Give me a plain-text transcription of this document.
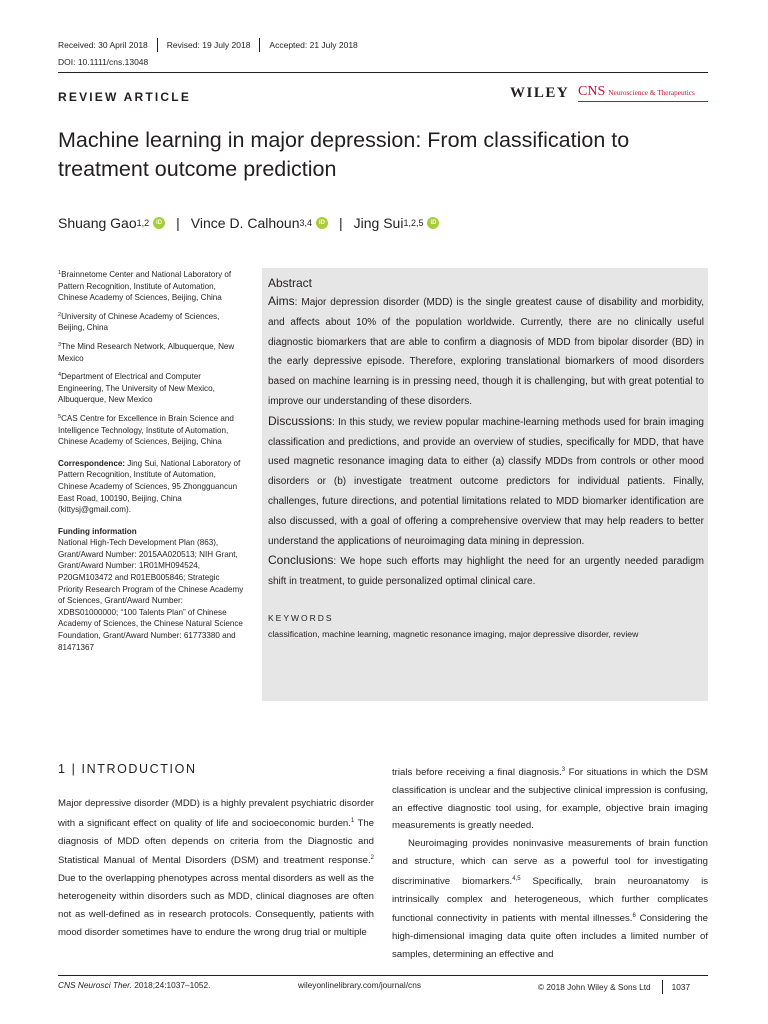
Received: 30 April 2018 Revised: 19 July 2018 Accepted: 21 July 2018
DOI: 10.1111/cns.13048
REVIEW ARTICLE	WILEY CNS Neuroscience & Therapeutics
Machine learning in major depression: From classification to treatment outcome prediction
Shuang Gao 1,2	iD | Vince D. Calhoun 3,4	iD | Jing Sui 1,2,5	iD

$^1$Brainnetome Center and National Laboratory of Pattern Recognition, Institute of Automation, Chinese Academy of Sciences, Beijing, China

$^2$University of Chinese Academy of Sciences, Beijing, China

$^3$The Mind Research Network, Albuquerque, New Mexico

$^4$Department of Electrical and Computer Engineering, The University of New Mexico, Albuquerque, New Mexico

$^5$CAS Centre for Excellence in Brain Science and Intelligence Technology, Institute of Automation, Chinese Academy of Sciences, Beijing, China

Correspondence: Jing Sui, National Laboratory of Pattern Recognition, Institute of Automation, Chinese Academy of Sciences, 95 Zhongguancun East Road, 100190, Beijing, China (kittysj@gmail.com).

Funding information

National High-Tech Development Plan (863), Grant/Award Number: 2015AA020513; NIH Grant, Grant/Award Number: 1R01MH094524, P20GM103472 and R01EB005846; Strategic Priority Research Program of the Chinese Academy of Sciences, Grant/Award Number: XDBS01000000; “100 Talents Plan” of Chinese Academy of Sciences, the Chinese Natural Science Foundation, Grant/Award Number: 61773380 and 81471367

Abstract

Aims: Major depression disorder (MDD) is the single greatest cause of disability and morbidity, and affects about 10% of the population worldwide. Currently, there are no clinically useful diagnostic biomarkers that are able to confirm a diagnosis of MDD from bipolar disorder (BD) in the early depressive episode. Therefore, exploring translational biomarkers of mood disorders based on machine learning is in pressing need, though it is challenging, but with great potential to improve our understanding of these disorders.

Discussions: In this study, we review popular machine-learning methods used for brain imaging classification and predictions, and provide an overview of studies, specifically for MDD, that have used magnetic resonance imaging data to either (a) classify MDDs from controls or other mood disorders or (b) investigate treatment outcome predictors for individual patients. Finally, challenges, future directions, and potential limitations related to MDD biomarker identification are also discussed, with a goal of offering a comprehensive overview that may help readers to better understand the applications of neuroimaging data mining in depression.

Conclusions: We hope such efforts may highlight the need for an urgently needed paradigm shift in treatment, to guide personalized optimal clinical care.

KEYWORDS
classification, machine learning, magnetic resonance imaging, major depressive disorder, review
1 | INTRODUCTION

Major depressive disorder (MDD) is a highly prevalent psychiatric disorder with a significant effect on quality of life and socioeconomic burden.$^1$ The diagnosis of MDD often depends on criteria from the Diagnostic and Statistical Manual of Mental Disorders (DSM) and treatment response.$^2$ Due to the overlapping phenotypes across mental disorders as well as the heterogeneity within disorders such as MDD, clinical diagnoses are often not as well-defined as in research protocols. Consequently, patients with mood disorder sometimes have to endure the wrong drug trial or multiple

trials before receiving a final diagnosis.$^3$ For situations in which the DSM classification is unclear and the subjective clinical impression is confusing, an effective diagnostic tool using, for example, objective brain imaging measurements is greatly needed.

Neuroimaging provides noninvasive measurements of brain function and structure, which can serve as a powerful tool for investigating discriminative biomarkers.$^{4,5}$ Specifically, brain neuroanatomy is intrinsically complex and heterogeneous, which further complicates functional connectivity in patients with mental illnesses.$^6$ Considering the high-dimensional imaging data quite often includes a limited number of samples, determining an effective and

CNS Neurosci Ther. 2018;24:1037–1052.	wileyonlinelibrary.com/journal/cns	© 2018 John Wiley & Sons Ltd	1037
